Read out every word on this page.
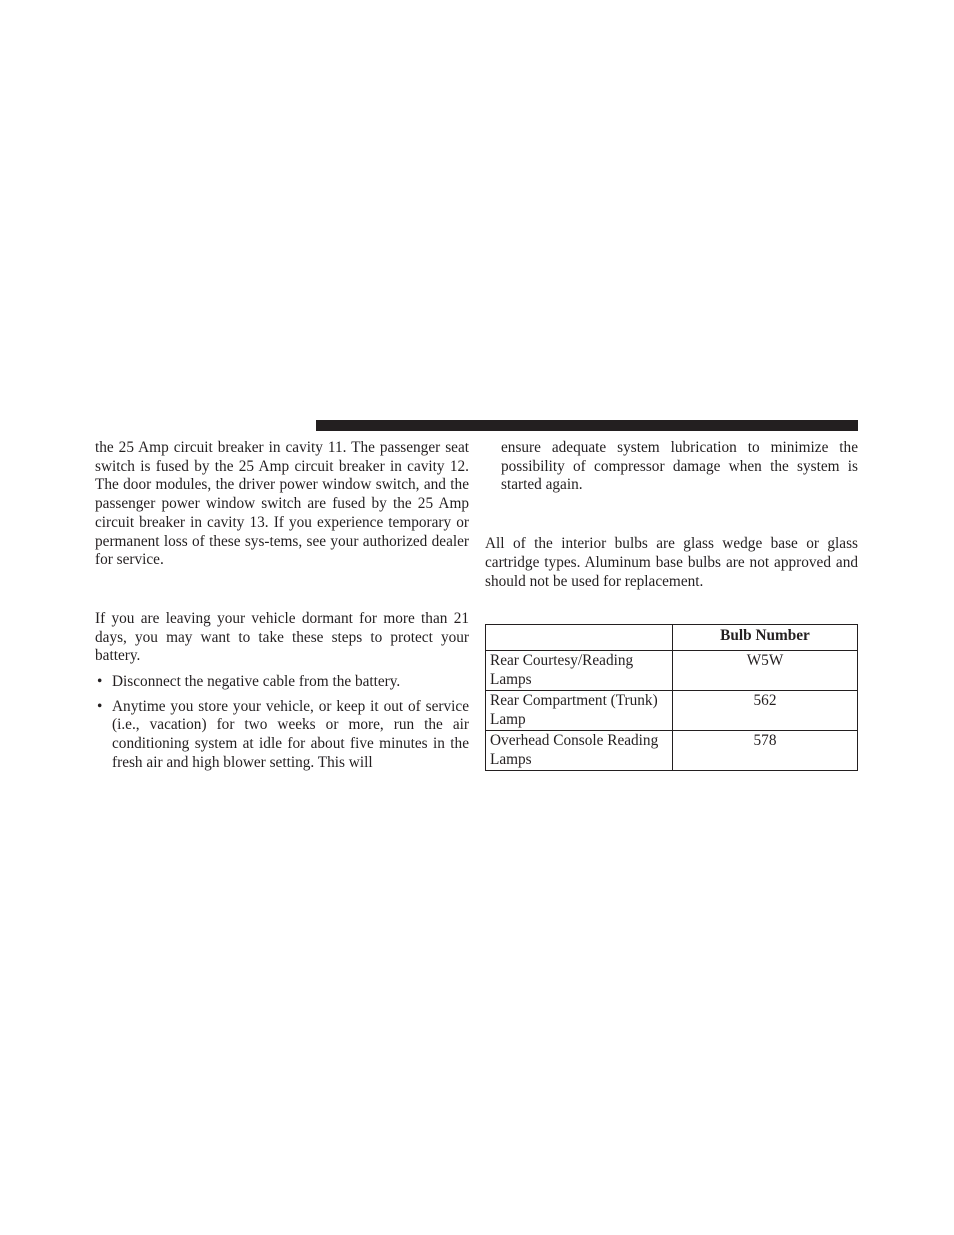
the 25 Amp circuit breaker in cavity 11. The passenger seat switch is fused by the 25 Amp circuit breaker in cavity 12. The door modules, the driver power window switch, and the passenger power window switch are fused by the 25 Amp circuit breaker in cavity 13. If you experience temporary or permanent loss of these sys-tems, see your authorized dealer for service.

If you are leaving your vehicle dormant for more than 21 days, you may want to take these steps to protect your battery.

• Disconnect the negative cable from the battery.
• Anytime you store your vehicle, or keep it out of service (i.e., vacation) for two weeks or more, run the air conditioning system at idle for about five minutes in the fresh air and high blower setting. This will

ensure adequate system lubrication to minimize the possibility of compressor damage when the system is started again.

All of the interior bulbs are glass wedge base or glass cartridge types. Aluminum base bulbs are not approved and should not be used for replacement.

	Bulb Number
Rear Courtesy/Reading Lamps	W5W
Rear Compartment (Trunk) Lamp	562
Overhead Console Reading Lamps	578
